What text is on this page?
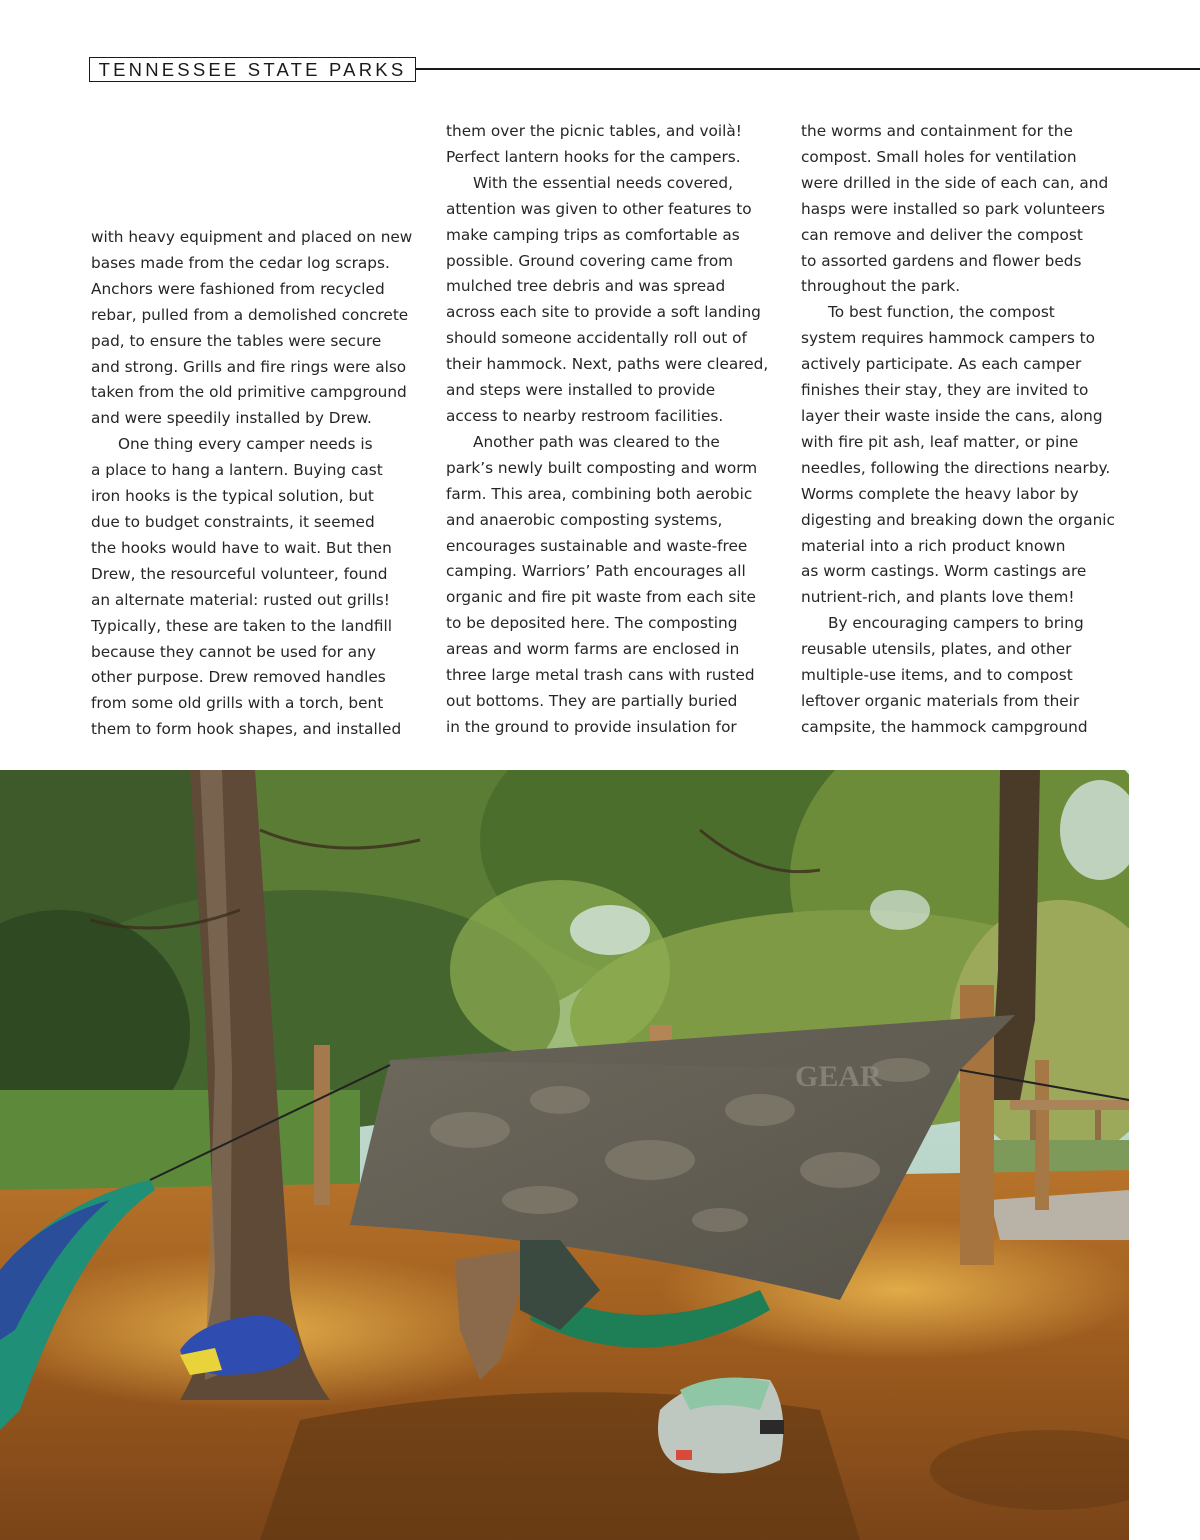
TENNESSEE STATE PARKS

with heavy equipment and placed on new
bases made from the cedar log scraps.
Anchors were fashioned from recycled
rebar, pulled from a demolished concrete
pad, to ensure the tables were secure
and strong. Grills and fire rings were also
taken from the old primitive campground
and were speedily installed by Drew.

One thing every camper needs is
a place to hang a lantern. Buying cast
iron hooks is the typical solution, but
due to budget constraints, it seemed
the hooks would have to wait. But then
Drew, the resourceful volunteer, found
an alternate material: rusted out grills!
Typically, these are taken to the landfill
because they cannot be used for any
other purpose. Drew removed handles
from some old grills with a torch, bent
them to form hook shapes, and installed

them over the picnic tables, and voilà!
Perfect lantern hooks for the campers.

With the essential needs covered,
attention was given to other features to
make camping trips as comfortable as
possible. Ground covering came from
mulched tree debris and was spread
across each site to provide a soft landing
should someone accidentally roll out of
their hammock. Next, paths were cleared,
and steps were installed to provide
access to nearby restroom facilities.

Another path was cleared to the
park’s newly built composting and worm
farm. This area, combining both aerobic
and anaerobic composting systems,
encourages sustainable and waste-free
camping. Warriors’ Path encourages all
organic and fire pit waste from each site
to be deposited here. The composting
areas and worm farms are enclosed in
three large metal trash cans with rusted
out bottoms. They are partially buried
in the ground to provide insulation for

the worms and containment for the
compost. Small holes for ventilation
were drilled in the side of each can, and
hasps were installed so park volunteers
can remove and deliver the compost
to assorted gardens and flower beds
throughout the park.

To best function, the compost
system requires hammock campers to
actively participate. As each camper
finishes their stay, they are invited to
layer their waste inside the cans, along
with fire pit ash, leaf matter, or pine
needles, following the directions nearby.
Worms complete the heavy labor by
digesting and breaking down the organic
material into a rich product known
as worm castings. Worm castings are
nutrient-rich, and plants love them!

By encouraging campers to bring
reusable utensils, plates, and other
multiple-use items, and to compost
leftover organic materials from their
campsite, the hammock campground

GEAR
